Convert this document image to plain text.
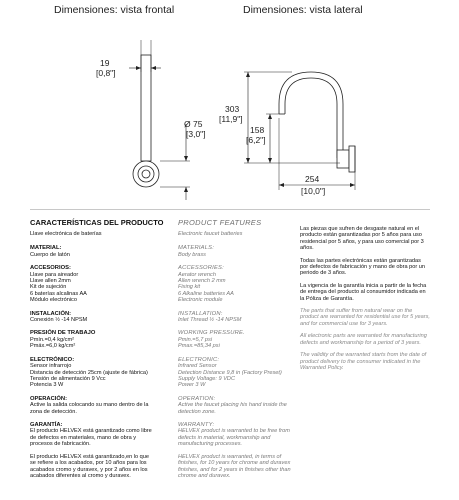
Dimensiones: vista frontal	Dimensiones: vista lateral
19
[0,8"]
Ø 75
[3,0"]
303
[11,9"]
158
[6,2"]
254
[10,0"]
CARACTERÍSTICAS DEL PRODUCTO
Llave electrónica de baterías
MATERIAL:
Cuerpo de latón
ACCESORIOS:
Llave para aireador
Llave allen 2mm
Kit de sujeción
6 baterías alcalinas AA
Módulo electrónico
INSTALACIÓN:
Conexión ½ -14 NPSM
PRESIÓN DE TRABAJO
Pmín.=0,4 kg/cm²
Pmáx.=6,0 kg/cm²
ELECTRÓNICO:
Sensor infrarrojo
Distancia de detección 25cm (ajuste de fábrica)
Tensión de alimentación 9 Vcc
Potencia 3 W
OPERACIÓN:
Active la salida colocando su mano dentro de la
zona de detección.
GARANTÍA:
El producto HELVEX está garantizado como libre
de defectos en materiales, mano de obra y
procesos de fabricación.

El producto HELVEX está garantizado,en lo que
se refiere a los acabados, por 10 años para los
acabados cromo y duravex, y por 2 años en los
acabados diferentes al cromo y duravex.
PRODUCT FEATURES
Electronic faucet batteries
MATERIALS:
Body brass
ACCESSORIES:
Aerator wrench
Allen wrench 2 mm
Fixing kit
6 Alkaline batteries AA
Electronic module
INSTALLATION:
Inlet Thread ½ -14 NPSM
WORKING PRESSURE.
Pmin.=5,7 psi
Pmax.=85,34 psi
ELECTRONIC:
Infrared Sensor
Detection Distance 9,8 in (Factory Preset)
Supply Voltage: 9 VDC
Power 3 W
OPERATION:
Active the faucet placing his hand inside the
detection zone.
WARRANTY:
HELVEX product is warranted to be free from
defects in material, workmanship and
manufacturing processes.

HELVEX product is warranted, in terms of
finishes, for 10 years for chrome and duravex
finishes, and for 2 years in finishes other than
chrome and duravex.
Las piezas que sufren de desgaste natural en el producto están garantizadas por 5 años para uso residencial por 5 años, y para uso comercial por 3 años.
Todas las partes electrónicas están garantizadas por defectos de fabricación y mano de obra por un periodo de 3 años.
La vigencia de la garantía inicia a partir de la fecha de entrega del producto al consumidor indicada en la Póliza de Garantía.
The parts that suffer from natural wear on the product are warranted for residential use for 5 years, and for commercial use for 3 years.
All electronic parts are warranted for manufacturing defects and workmanship for a period of 3 years.
The validity of the warranted starts from the date of product delivery to the consumer indicated in the Warranted Policy.
